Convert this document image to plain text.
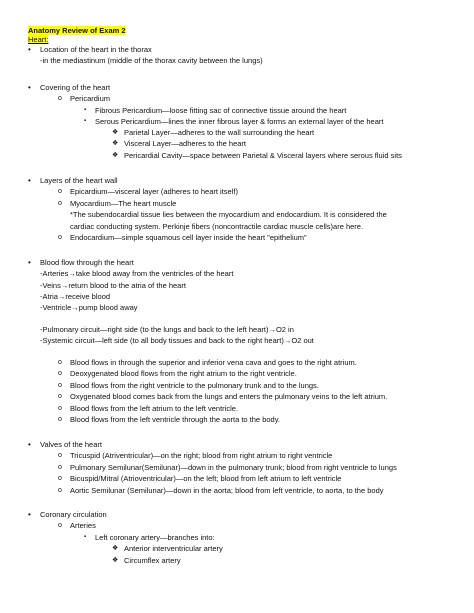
Anatomy Review of Exam 2
Heart:
• Location of the heart in the thorax
-in the mediastinum (middle of the thorax cavity between the lungs)
• Covering of the heart
o Pericardium
▪ Fibrous Pericardium—loose fitting sac of connective tissue around the heart
▪ Serous Pericardium—lines the inner fibrous layer & forms an external layer of the heart
❖ Parietal Layer—adheres to the wall surrounding the heart
❖ Visceral Layer—adheres to the heart
❖ Pericardial Cavity—space between Parietal & Visceral layers where serous fluid sits
• Layers of the heart wall
o Epicardium—visceral layer (adheres to heart itself)
o Myocardium—The heart muscle
*The subendocardial tissue lies between the myocardium and endocardium. It is considered the
cardiac conducting system. Perkinje fibers (noncontractile cardiac muscle cells)are here.
o Endocardium—simple squamous cell layer inside the heart "epithelium"
• Blood flow through the heart
-Arteries→take blood away from the ventricles of the heart
-Veins→return blood to the atria of the heart
-Atria→receive blood
-Ventricle→pump blood away
-Pulmonary circuit—right side (to the lungs and back to the left heart)→O2 in
-Systemic circuit—left side (to all body tissues and back to the right heart)→O2 out
o Blood flows in through the superior and inferior vena cava and goes to the right atrium.
o Deoxygenated blood flows from the right atrium to the right ventricle.
o Blood flows from the right ventricle to the pulmonary trunk and to the lungs.
o Oxygenated blood comes back from the lungs and enters the pulmonary veins to the left atrium.
o Blood flows from the left atrium to the left ventricle.
o Blood flows from the left ventricle through the aorta to the body.
• Valves of the heart
o Tricuspid (Atriventricular)—on the right; blood from right atrium to right ventricle
o Pulmonary Semilunar(Semilunar)—down in the pulmonary trunk; blood from right ventricle to lungs
o Bicuspid/Mitral (Atrioventricular)—on the left; blood from left atrium to left ventricle
o Aortic Semilunar (Semilunar)—down in the aorta; blood from left ventricle, to aorta, to the body
• Coronary circulation
o Arteries
▪ Left coronary artery—branches into:
❖ Anterior interventricular artery
❖ Circumflex artery
